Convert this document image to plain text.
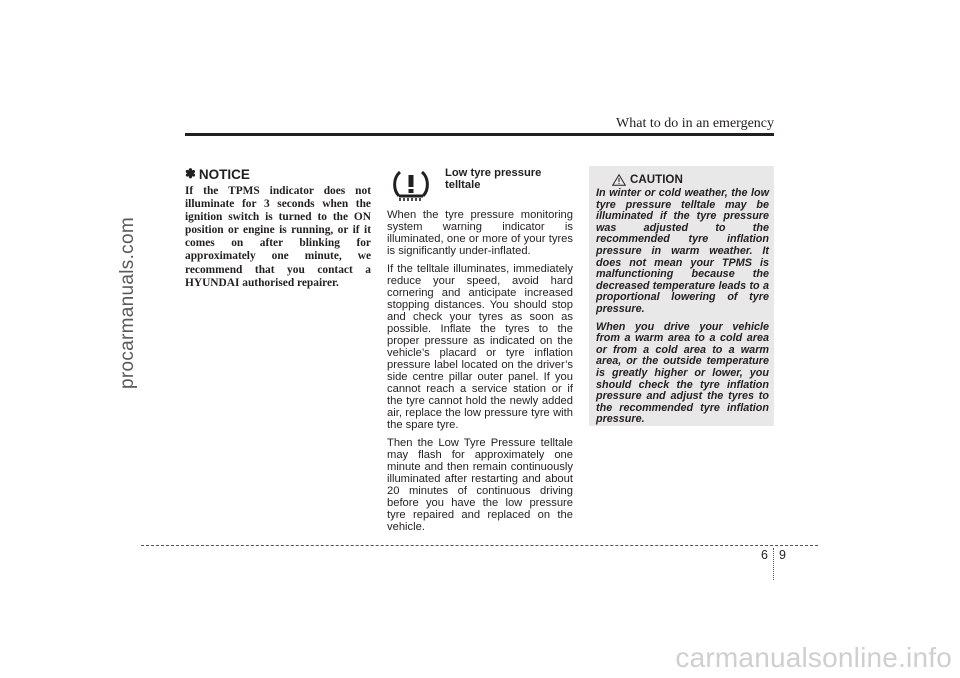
procarmanuals.com
What to do in an emergency
✽ NOTICE

If the TPMS indicator does not illuminate for 3 seconds when the ignition switch is turned to the ON position or engine is running, or if it comes on after blinking for approximately one minute, we recommend that you contact a HYUNDAI authorised repairer.

Low tyre pressure telltale

When the tyre pressure monitoring system warning indicator is illuminated, one or more of your tyres is significantly under-inflated.

If the telltale illuminates, immediately reduce your speed, avoid hard cornering and anticipate increased stopping distances. You should stop and check your tyres as soon as possible. Inflate the tyres to the proper pressure as indicated on the vehicle’s placard or tyre inflation pressure label located on the driver’s side centre pillar outer panel. If you cannot reach a service station or if the tyre cannot hold the newly added air, replace the low pressure tyre with the spare tyre.

Then the Low Tyre Pressure telltale may flash for approximately one minute and then remain continuously illuminated after restarting and about 20 minutes of continuous driving before you have the low pressure tyre repaired and replaced on the vehicle.

CAUTION

In winter or cold weather, the low tyre pressure telltale may be illuminated if the tyre pressure was adjusted to the recommended tyre inflation pressure in warm weather. It does not mean your TPMS is malfunctioning because the decreased temperature leads to a proportional lowering of tyre pressure.

When you drive your vehicle from a warm area to a cold area or from a cold area to a warm area, or the outside temperature is greatly higher or lower, you should check the tyre inflation pressure and adjust the tyres to the recommended tyre inflation pressure.

6 9
carmanualsonline.info
